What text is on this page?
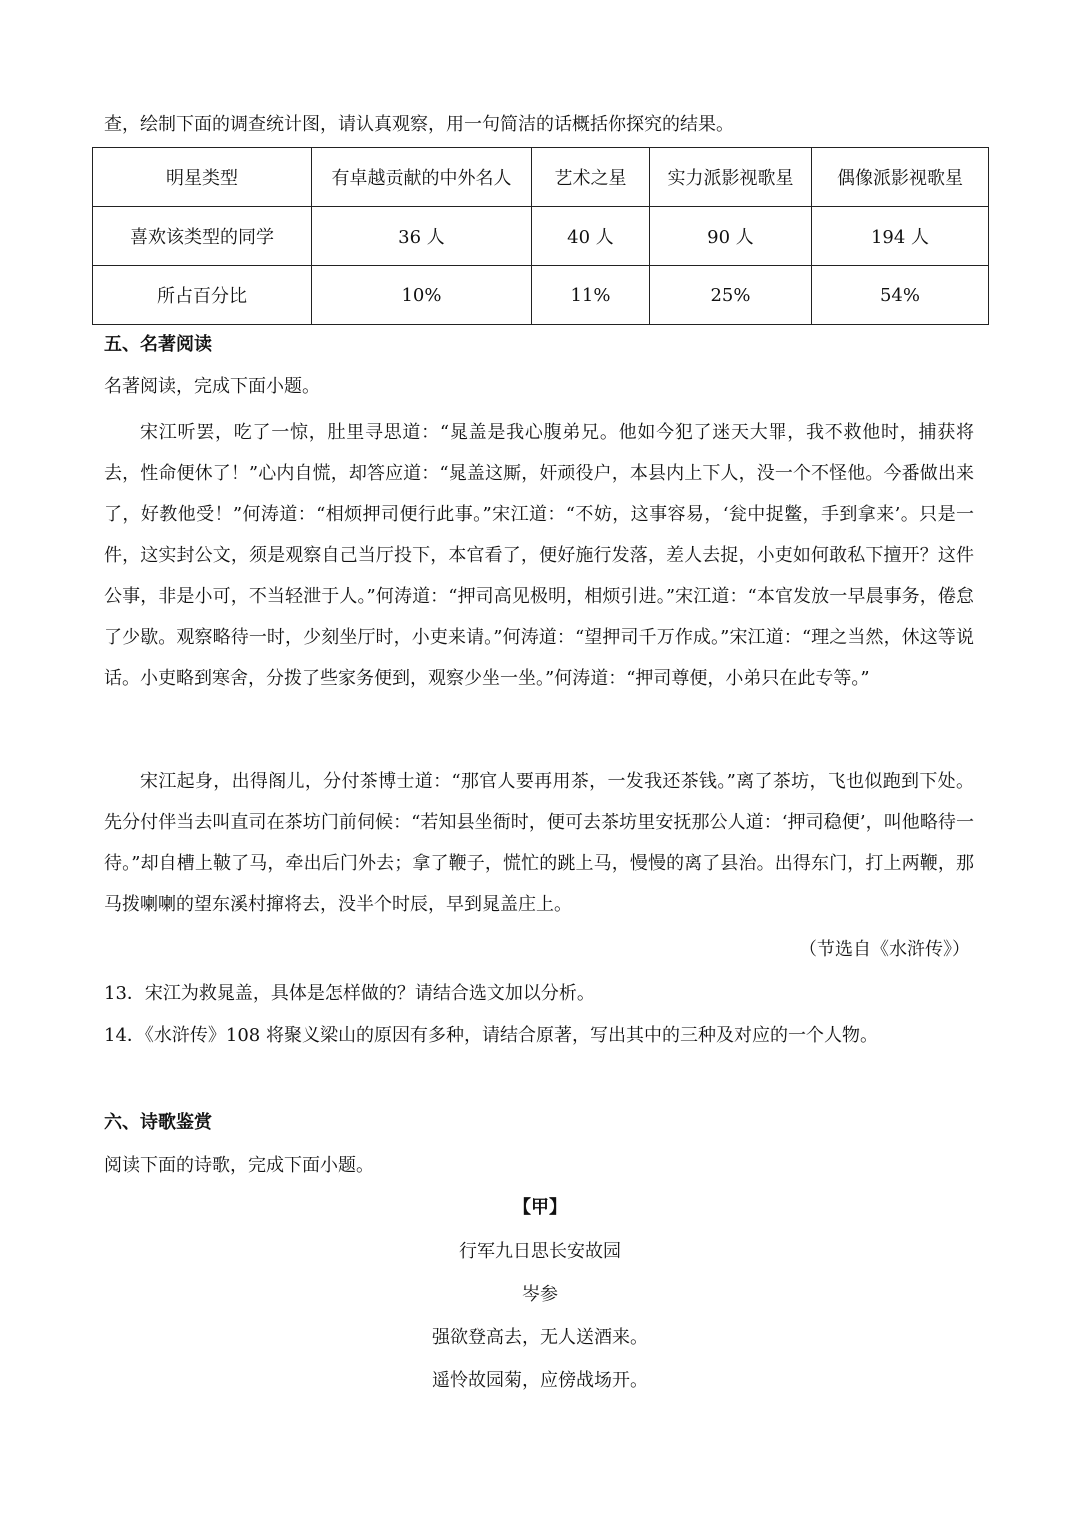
查，绘制下面的调查统计图，请认真观察，用一句简洁的话概括你探究的结果。
明星类型	有卓越贡献的中外名人	艺术之星	实力派影视歌星	偶像派影视歌星
喜欢该类型的同学	36 人	40 人	90 人	194 人
所占百分比	10%	11%	25%	54%
五、名著阅读
名著阅读，完成下面小题。
宋江听罢，吃了一惊，肚里寻思道：“晁盖是我心腹弟兄。他如今犯了迷天大罪，我不救他时，捕获将去，性命便休了！”心内自慌，却答应道：“晁盖这厮，奸顽役户，本县内上下人，没一个不怪他。今番做出来了，好教他受！”何涛道：“相烦押司便行此事。”宋江道：“不妨，这事容易，‘瓮中捉鳖，手到拿来’。只是一件，这实封公文，须是观察自己当厅投下，本官看了，便好施行发落，差人去捉，小吏如何敢私下擅开？这件公事，非是小可，不当轻泄于人。”何涛道：“押司高见极明，相烦引进。”宋江道：“本官发放一早晨事务，倦怠了少歇。观察略待一时，少刻坐厅时，小吏来请。”何涛道：“望押司千万作成。”宋江道：“理之当然，休这等说话。小吏略到寒舍，分拨了些家务便到，观察少坐一坐。”何涛道：“押司尊便，小弟只在此专等。”
宋江起身，出得阁儿，分付茶博士道：“那官人要再用茶，一发我还茶钱。”离了茶坊，飞也似跑到下处。先分付伴当去叫直司在茶坊门前伺候：“若知县坐衙时，便可去茶坊里安抚那公人道：‘押司稳便’，叫他略待一待。”却自槽上鞁了马，牵出后门外去；拿了鞭子，慌忙的跳上马，慢慢的离了县治。出得东门，打上两鞭，那马拨喇喇的望东溪村撺将去，没半个时辰，早到晁盖庄上。
（节选自《水浒传》）
13．宋江为救晁盖，具体是怎样做的？请结合选文加以分析。
14．《水浒传》108 将聚义梁山的原因有多种，请结合原著，写出其中的三种及对应的一个人物。
六、诗歌鉴赏
阅读下面的诗歌，完成下面小题。
【甲】
行军九日思长安故园
岑参
强欲登高去，无人送酒来。
遥怜故园菊，应傍战场开。
